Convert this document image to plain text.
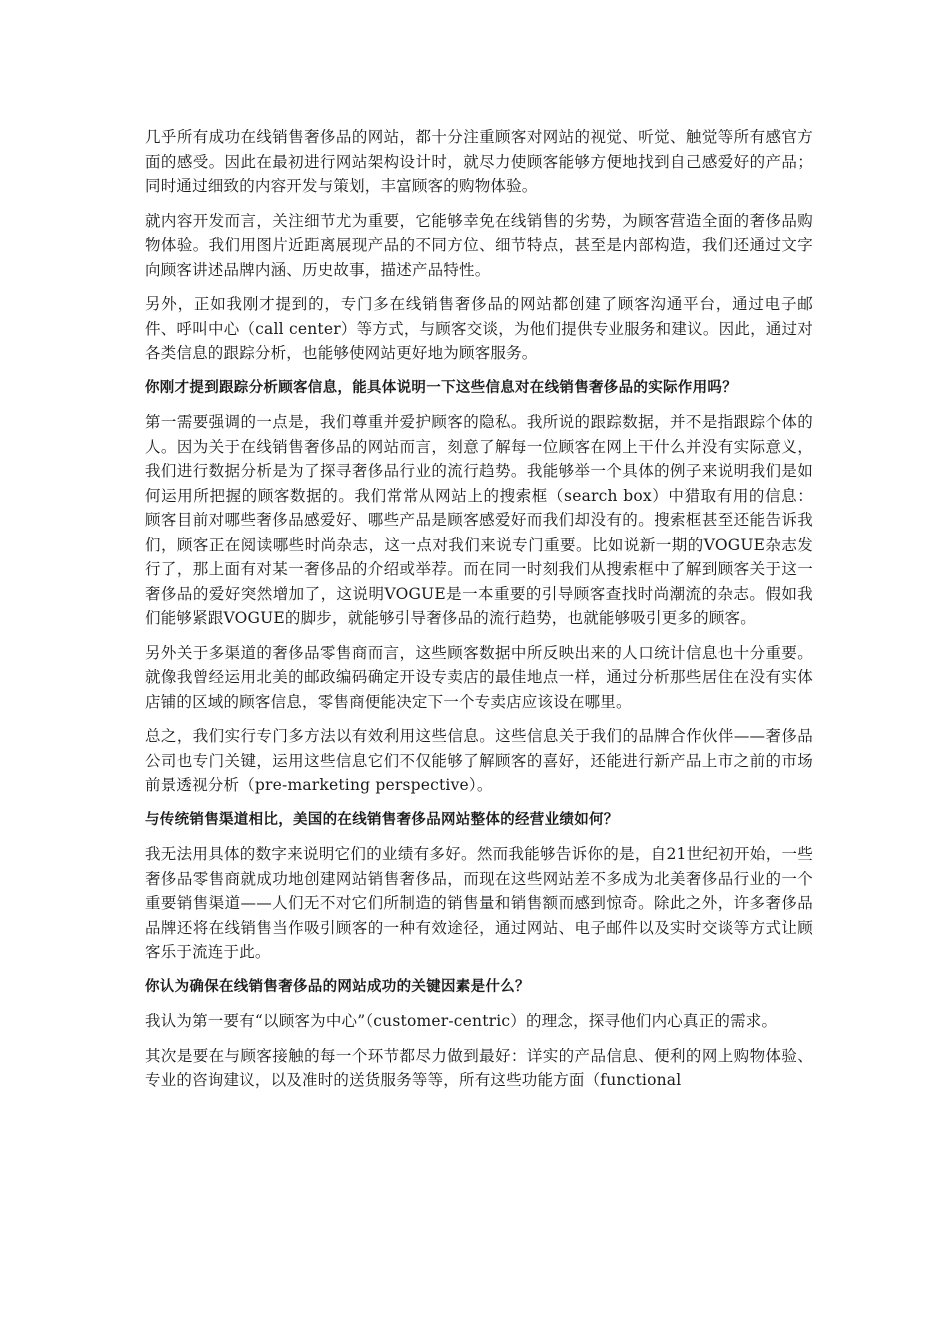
几乎所有成功在线销售奢侈品的网站，都十分注重顾客对网站的视觉、听觉、触觉等所有感官方面的感受。因此在最初进行网站架构设计时，就尽力使顾客能够方便地找到自己感爱好的产品；同时通过细致的内容开发与策划，丰富顾客的购物体验。

就内容开发而言，关注细节尤为重要，它能够幸免在线销售的劣势，为顾客营造全面的奢侈品购物体验。我们用图片近距离展现产品的不同方位、细节特点，甚至是内部构造，我们还通过文字向顾客讲述品牌内涵、历史故事，描述产品特性。

另外，正如我刚才提到的，专门多在线销售奢侈品的网站都创建了顾客沟通平台，通过电子邮件、呼叫中心（call center）等方式，与顾客交谈，为他们提供专业服务和建议。因此，通过对各类信息的跟踪分析，也能够使网站更好地为顾客服务。

你刚才提到跟踪分析顾客信息，能具体说明一下这些信息对在线销售奢侈品的实际作用吗？

第一需要强调的一点是，我们尊重并爱护顾客的隐私。我所说的跟踪数据，并不是指跟踪个体的人。因为关于在线销售奢侈品的网站而言，刻意了解每一位顾客在网上干什么并没有实际意义，我们进行数据分析是为了探寻奢侈品行业的流行趋势。我能够举一个具体的例子来说明我们是如何运用所把握的顾客数据的。我们常常从网站上的搜索框（search box）中猎取有用的信息：顾客目前对哪些奢侈品感爱好、哪些产品是顾客感爱好而我们却没有的。搜索框甚至还能告诉我们，顾客正在阅读哪些时尚杂志，这一点对我们来说专门重要。比如说新一期的VOGUE杂志发行了，那上面有对某一奢侈品的介绍或举荐。而在同一时刻我们从搜索框中了解到顾客关于这一奢侈品的爱好突然增加了，这说明VOGUE是一本重要的引导顾客查找时尚潮流的杂志。假如我们能够紧跟VOGUE的脚步，就能够引导奢侈品的流行趋势，也就能够吸引更多的顾客。

另外关于多渠道的奢侈品零售商而言，这些顾客数据中所反映出来的人口统计信息也十分重要。就像我曾经运用北美的邮政编码确定开设专卖店的最佳地点一样，通过分析那些居住在没有实体店铺的区域的顾客信息，零售商便能决定下一个专卖店应该设在哪里。

总之，我们实行专门多方法以有效利用这些信息。这些信息关于我们的品牌合作伙伴——奢侈品公司也专门关键，运用这些信息它们不仅能够了解顾客的喜好，还能进行新产品上市之前的市场前景透视分析（pre-marketing perspective）。

与传统销售渠道相比，美国的在线销售奢侈品网站整体的经营业绩如何？

我无法用具体的数字来说明它们的业绩有多好。然而我能够告诉你的是，自21世纪初开始，一些奢侈品零售商就成功地创建网站销售奢侈品，而现在这些网站差不多成为北美奢侈品行业的一个重要销售渠道——人们无不对它们所制造的销售量和销售额而感到惊奇。除此之外，许多奢侈品品牌还将在线销售当作吸引顾客的一种有效途径，通过网站、电子邮件以及实时交谈等方式让顾客乐于流连于此。

你认为确保在线销售奢侈品的网站成功的关键因素是什么？

我认为第一要有“以顾客为中心”（customer-centric）的理念，探寻他们内心真正的需求。

其次是要在与顾客接触的每一个环节都尽力做到最好：详实的产品信息、便利的网上购物体验、专业的咨询建议，以及准时的送货服务等等，所有这些功能方面（functional
